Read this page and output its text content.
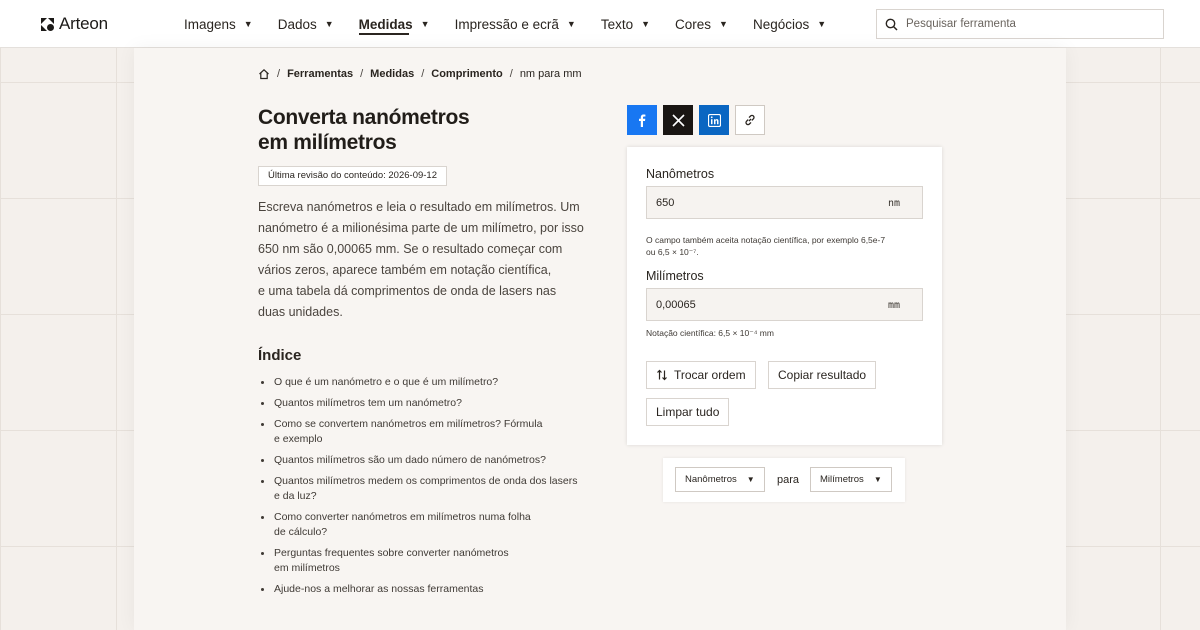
Arteon	Imagens ▼ Dados ▼ Medidas ▼ Impressão e ecrã ▼ Texto ▼ Cores ▼ Negócios ▼
Pesquisar ferramenta
/ Ferramentas / Medidas / Comprimento / nm para mm
Converta nanómetros
em milímetros
Última revisão do conteúdo: 2026-09-12

Escreva nanómetros e leia o resultado em milímetros. Um
nanómetro é a milionésima parte de um milímetro, por isso
650 nm são 0,00065 mm. Se o resultado começar com
vários zeros, aparece também em notação científica,
e uma tabela dá comprimentos de onda de lasers nas
duas unidades.

Índice
O que é um nanómetro e o que é um milímetro?
Quantos milímetros tem um nanómetro?
Como se convertem nanómetros em milímetros? Fórmula
e exemplo
Quantos milímetros são um dado número de nanómetros?
Quantos milímetros medem os comprimentos de onda dos lasers
e da luz?
Como converter nanómetros em milímetros numa folha
de cálculo?
Perguntas frequentes sobre converter nanómetros
em milímetros
Ajude-nos a melhorar as nossas ferramentas
Nanômetros
650
nm

O campo também aceita notação científica, por exemplo 6,5e-7
ou 6,5 × 10⁻⁷.

Milímetros
0,00065
mm

Notação científica: 6,5 × 10⁻⁴ mm

Trocar ordem	Copiar resultado
Limpar tudo
Nanômetros ▼ para Milímetros ▼
